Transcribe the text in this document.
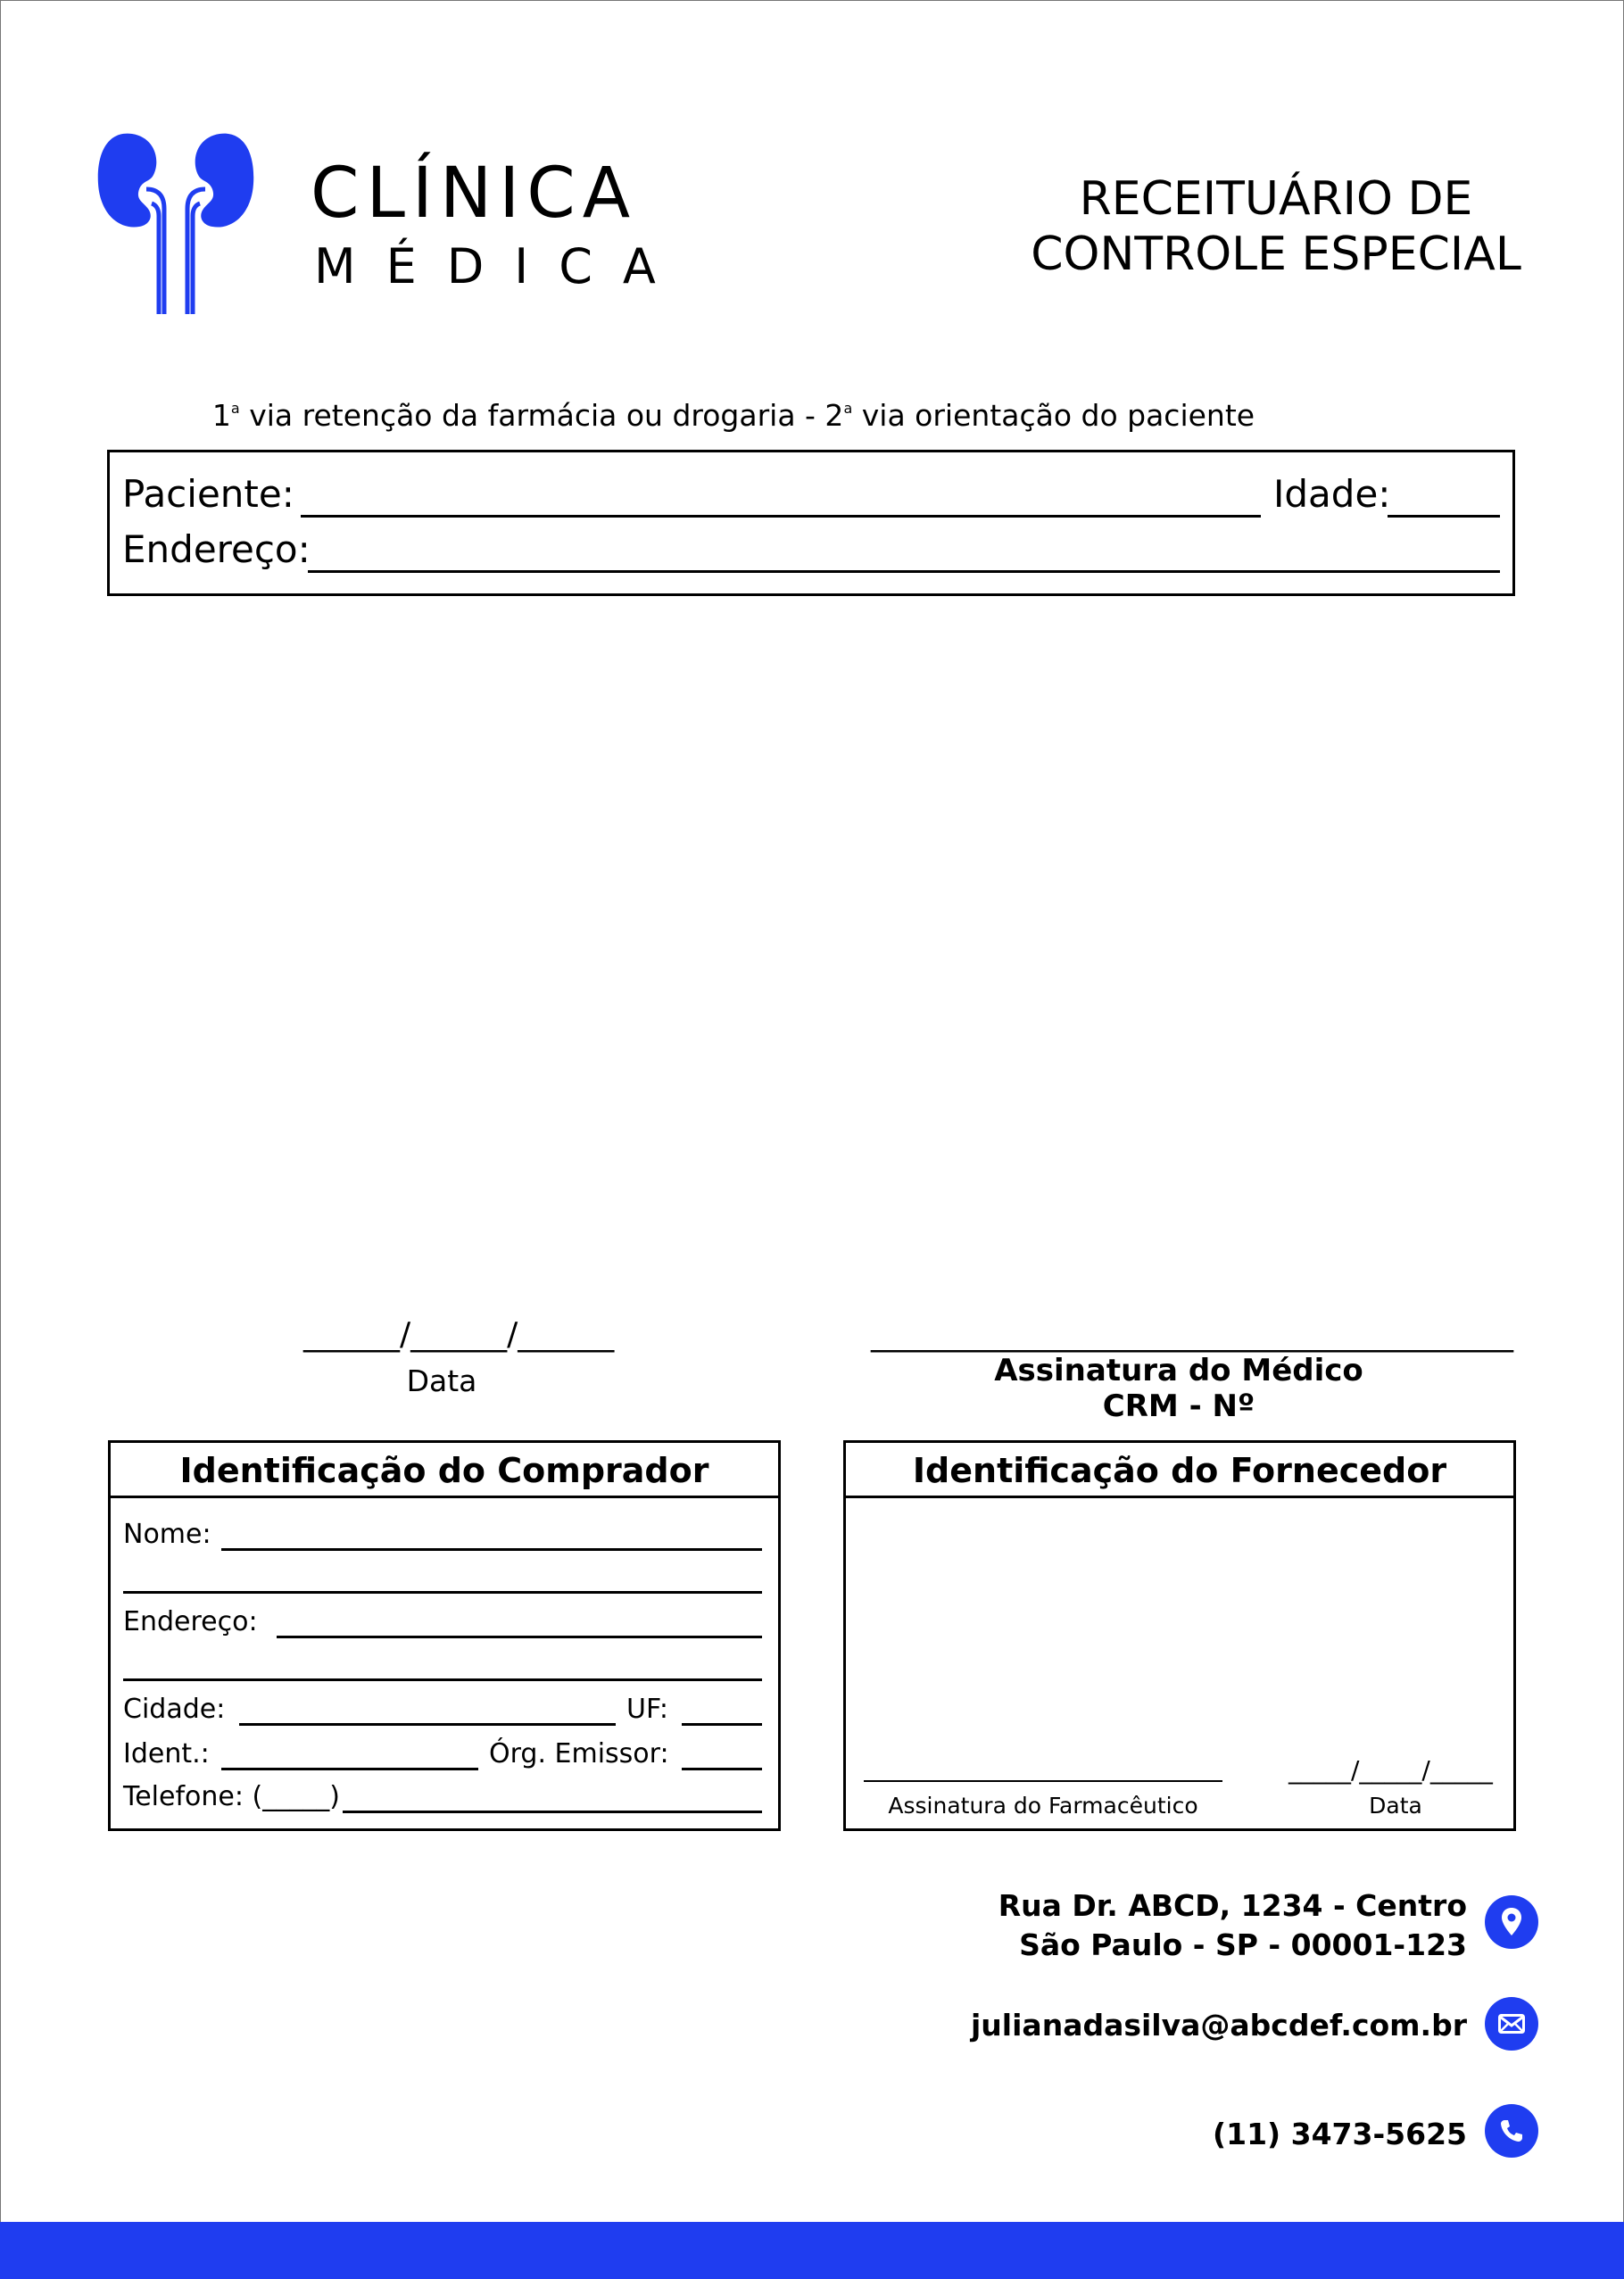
CLÍNICA
MÉDICA
RECEITUÁRIO DE
CONTROLE ESPECIAL
1$^a$ via retenção da farmácia ou drogaria - 2$^a$ via orientação do paciente
Paciente:	Idade:
Endereço:
______/______/______
Data
________________________________________
Assinatura do Médico
CRM - Nº
Identificação do Comprador
Nome:
Endereço:
Cidade:	UF:
Ident.:	Órg. Emissor:
Telefone: (_____)
Identificação do Fornecedor
Assinatura do Farmacêutico
_____/_____/_____
Data
Rua Dr. ABCD, 1234 - Centro
São Paulo - SP - 00001-123
julianadasilva@abcdef.com.br
(11) 3473-5625
